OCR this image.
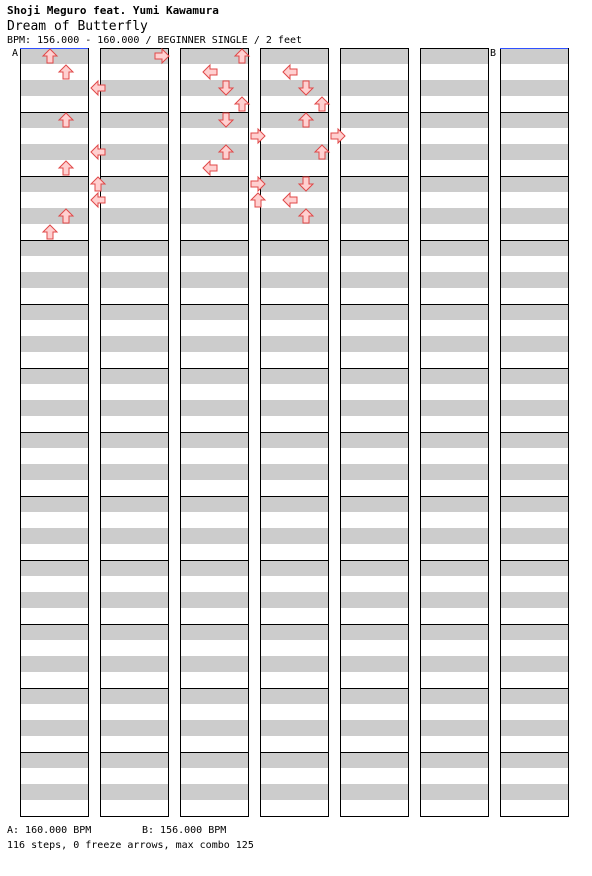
A	B
Shoji Meguro feat. Yumi Kawamura
Dream of Butterfly
BPM: 156.000 - 160.000 / BEGINNER SINGLE / 2 feet
A: 160.000 BPM	B: 156.000 BPM
116 steps, 0 freeze arrows, max combo 125
